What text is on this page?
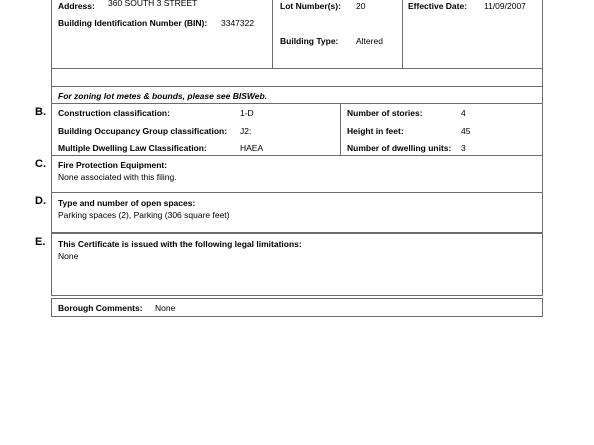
Address: 360 SOUTH 3 STREET
Building Identification Number (BIN): 3347322
Lot Number(s): 20
Building Type: Altered
Effective Date: 11/09/2007
For zoning lot metes & bounds, please see BISWeb.
B. Construction classification:	1-D
Building Occupancy Group classification: J2:
Multiple Dwelling Law Classification:	HAEA
Number of stories:	4
Height in feet:	45
Number of dwelling units: 3
C. Fire Protection Equipment:
None associated with this filing.
D. Type and number of open spaces:
Parking spaces (2), Parking (306 square feet)
E. This Certificate is issued with the following legal limitations:
None
Borough Comments: None
